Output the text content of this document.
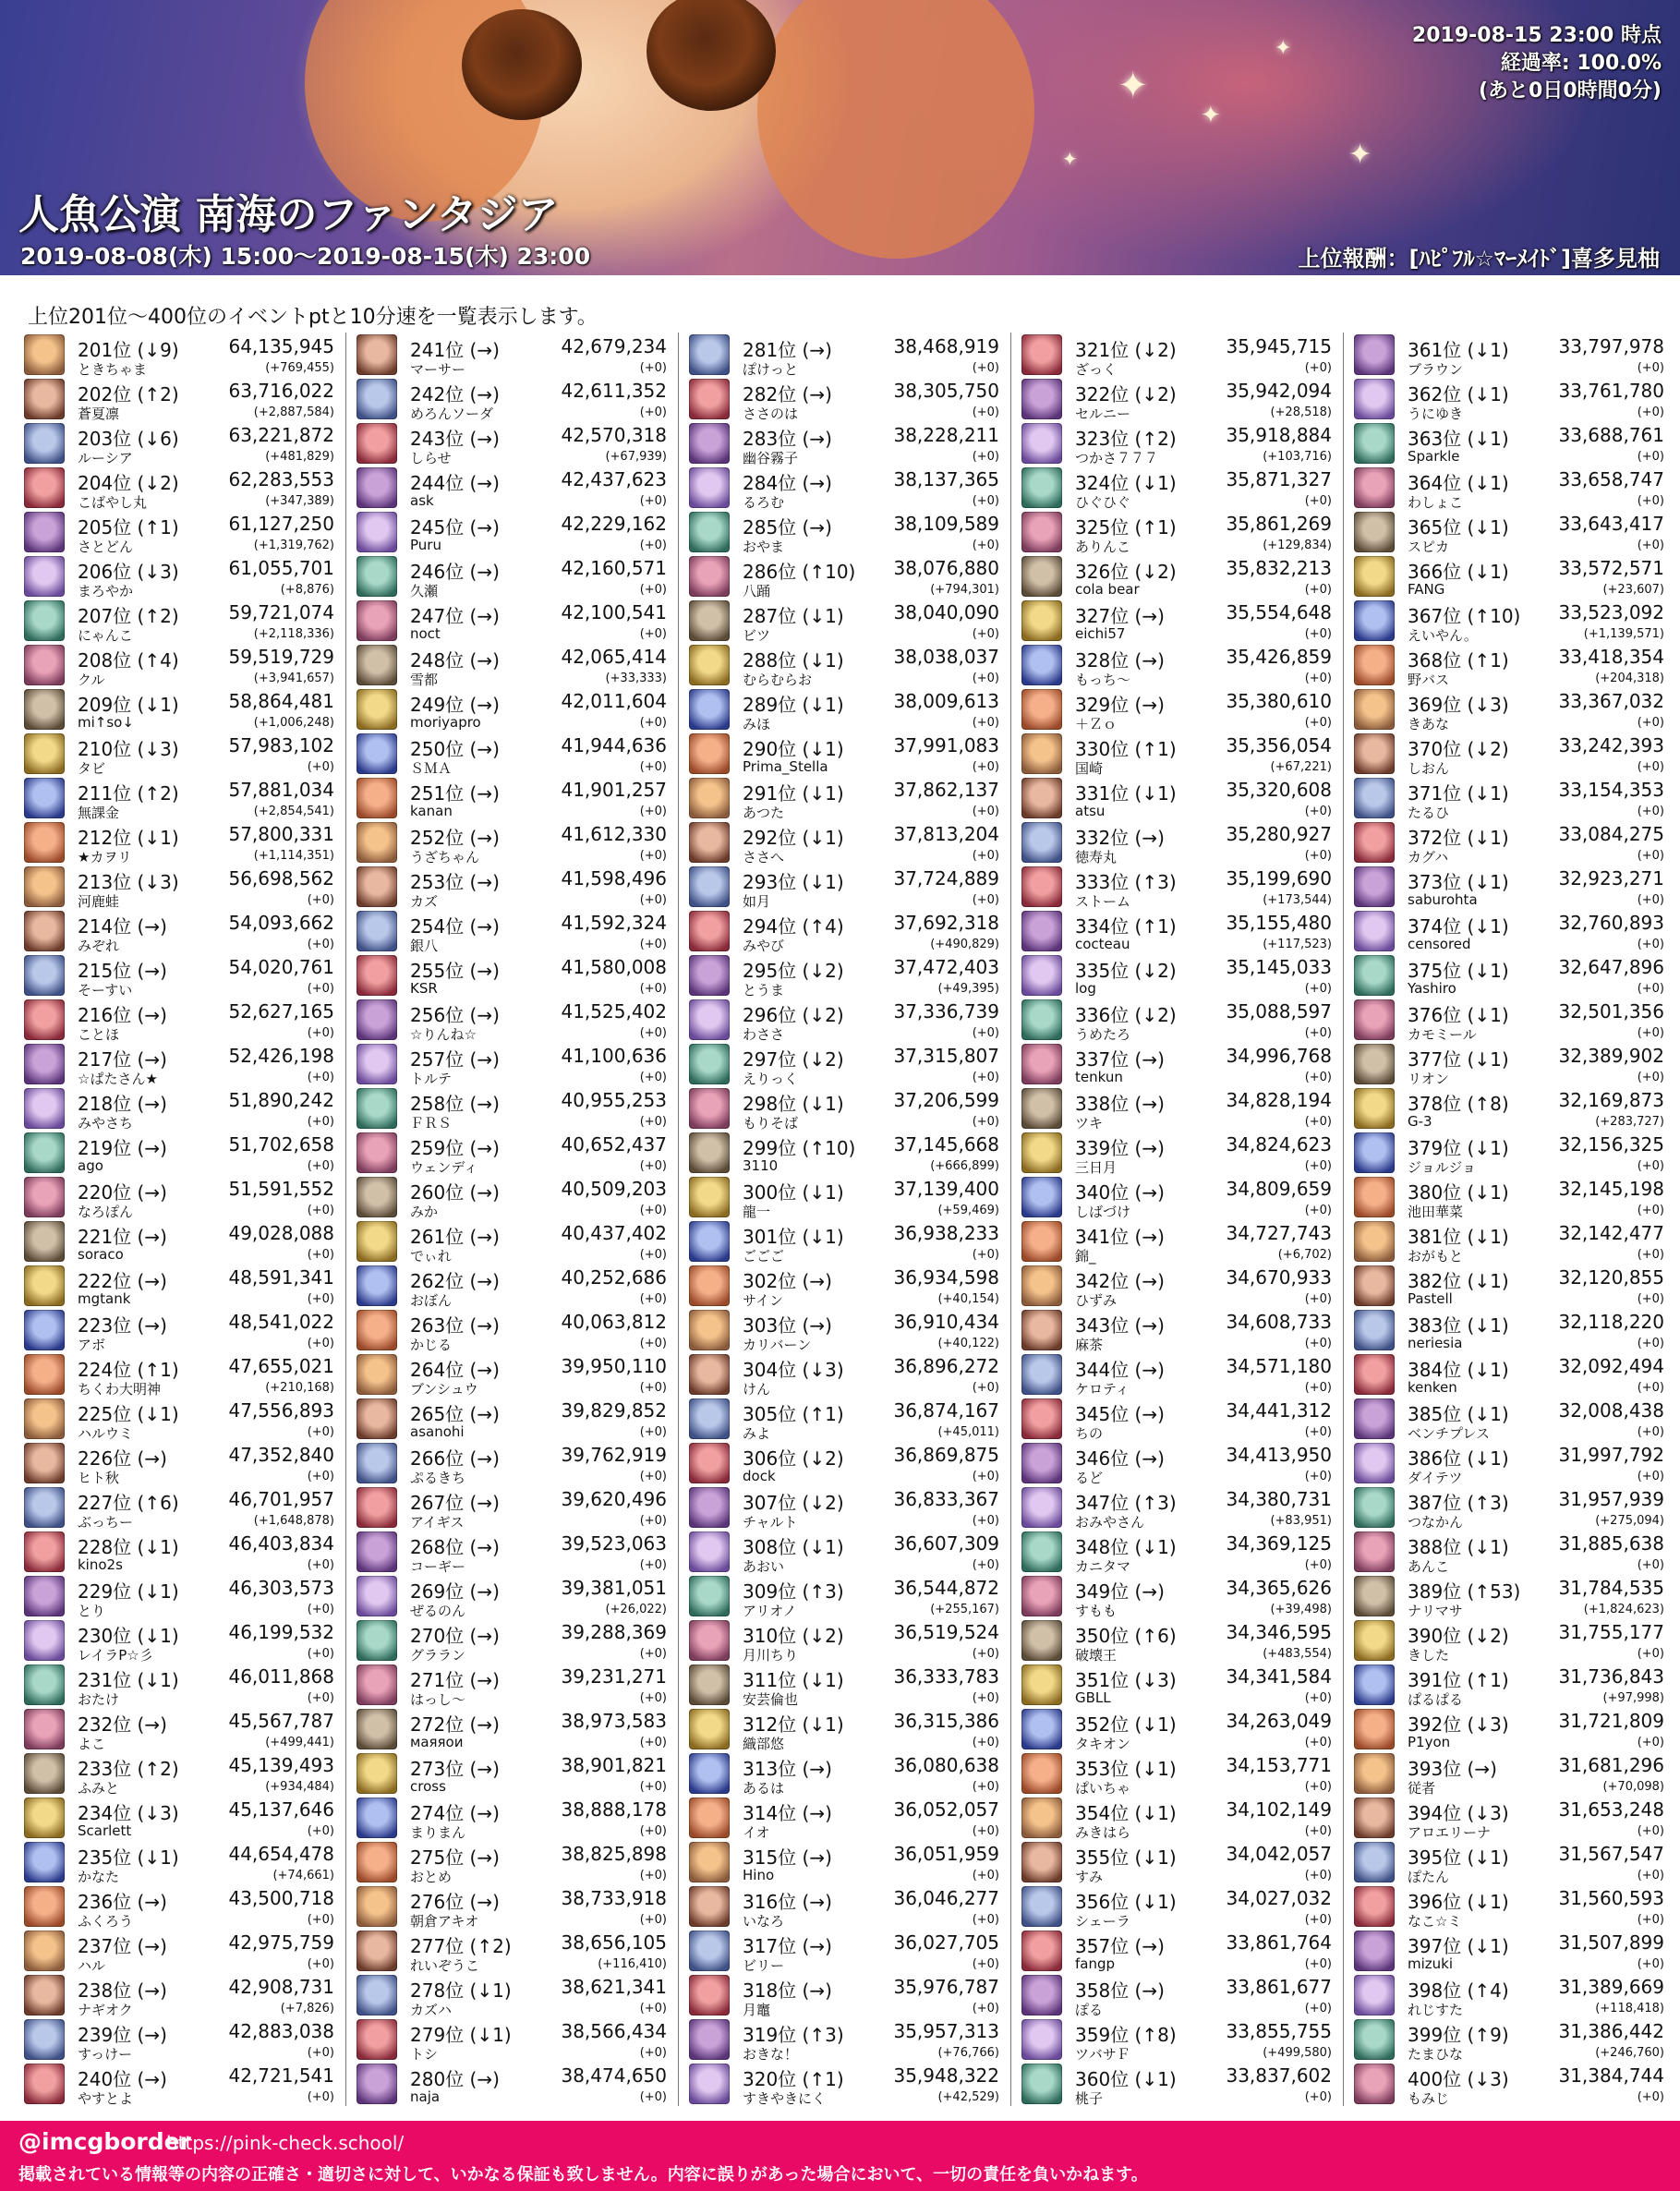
✦
✦
✦
✦
✦
2019-08-15 23:00 時点
経過率: 100.0%
(あと0日0時間0分)
人魚公演 南海のファンタジア
2019-08-08(木) 15:00～2019-08-15(木) 23:00	上位報酬：[ﾊﾋﾟﾌﾙ☆ﾏｰﾒｲﾄﾞ]喜多見柚
上位201位～400位のイベントptと10分速を一覧表示します。
201位 (↓9)	64,135,945
ときちゃま	(+769,455)
202位 (↑2)	63,716,022
蒼夏凛	(+2,887,584)
203位 (↓6)	63,221,872
ルーシア	(+481,829)
204位 (↓2)	62,283,553
こばやし丸	(+347,389)
205位 (↑1)	61,127,250
さとどん	(+1,319,762)
206位 (↓3)	61,055,701
まろやか	(+8,876)
207位 (↑2)	59,721,074
にゃんこ	(+2,118,336)
208位 (↑4)	59,519,729
クル	(+3,941,657)
209位 (↓1)	58,864,481
mi↑so↓	(+1,006,248)
210位 (↓3)	57,983,102
タビ	(+0)
211位 (↑2)	57,881,034
無課金	(+2,854,541)
212位 (↓1)	57,800,331
★カヲリ	(+1,114,351)
213位 (↓3)	56,698,562
河鹿蛙	(+0)
214位 (→)	54,093,662
みぞれ	(+0)
215位 (→)	54,020,761
そーすい	(+0)
216位 (→)	52,627,165
ことほ	(+0)
217位 (→)	52,426,198
☆ぱたさん★	(+0)
218位 (→)	51,890,242
みやさち	(+0)
219位 (→)	51,702,658
ago	(+0)
220位 (→)	51,591,552
なろぽん	(+0)
221位 (→)	49,028,088
soraco	(+0)
222位 (→)	48,591,341
mgtank	(+0)
223位 (→)	48,541,022
アボ	(+0)
224位 (↑1)	47,655,021
ちくわ大明神	(+210,168)
225位 (↓1)	47,556,893
ハルウミ	(+0)
226位 (→)	47,352,840
ヒト秋	(+0)
227位 (↑6)	46,701,957
ぶっちー	(+1,648,878)
228位 (↓1)	46,403,834
kino2s	(+0)
229位 (↓1)	46,303,573
とり	(+0)
230位 (↓1)	46,199,532
レイラP☆彡	(+0)
231位 (↓1)	46,011,868
おたけ	(+0)
232位 (→)	45,567,787
よこ	(+499,441)
233位 (↑2)	45,139,493
ふみと	(+934,484)
234位 (↓3)	45,137,646
Scarlett	(+0)
235位 (↓1)	44,654,478
かなた	(+74,661)
236位 (→)	43,500,718
ふくろう	(+0)
237位 (→)	42,975,759
ハル	(+0)
238位 (→)	42,908,731
ナギオク	(+7,826)
239位 (→)	42,883,038
すっけー	(+0)
240位 (→)	42,721,541
やすとよ	(+0)
241位 (→)	42,679,234
マーサー	(+0)
242位 (→)	42,611,352
めろんソーダ	(+0)
243位 (→)	42,570,318
しらせ	(+67,939)
244位 (→)	42,437,623
ask	(+0)
245位 (→)	42,229,162
Puru	(+0)
246位 (→)	42,160,571
久瀬	(+0)
247位 (→)	42,100,541
noct	(+0)
248位 (→)	42,065,414
雪都	(+33,333)
249位 (→)	42,011,604
moriyapro	(+0)
250位 (→)	41,944,636
ＳＭＡ	(+0)
251位 (→)	41,901,257
kanan	(+0)
252位 (→)	41,612,330
うざちゃん	(+0)
253位 (→)	41,598,496
カズ	(+0)
254位 (→)	41,592,324
銀八	(+0)
255位 (→)	41,580,008
KSR	(+0)
256位 (→)	41,525,402
☆りんね☆	(+0)
257位 (→)	41,100,636
トルテ	(+0)
258位 (→)	40,955,253
ＦＲＳ	(+0)
259位 (→)	40,652,437
ウェンディ	(+0)
260位 (→)	40,509,203
みか	(+0)
261位 (→)	40,437,402
でぃれ	(+0)
262位 (→)	40,252,686
おぼん	(+0)
263位 (→)	40,063,812
かじる	(+0)
264位 (→)	39,950,110
ブンシュウ	(+0)
265位 (→)	39,829,852
asanohi	(+0)
266位 (→)	39,762,919
ぷるきち	(+0)
267位 (→)	39,620,496
アイギス	(+0)
268位 (→)	39,523,063
コーギー	(+0)
269位 (→)	39,381,051
ぜるのん	(+26,022)
270位 (→)	39,288,369
グララン	(+0)
271位 (→)	39,231,271
はっし～	(+0)
272位 (→)	38,973,583
маяяои	(+0)
273位 (→)	38,901,821
cross	(+0)
274位 (→)	38,888,178
まりまん	(+0)
275位 (→)	38,825,898
おとめ	(+0)
276位 (→)	38,733,918
朝倉アキオ	(+0)
277位 (↑2)	38,656,105
れいぞうこ	(+116,410)
278位 (↓1)	38,621,341
カズハ	(+0)
279位 (↓1)	38,566,434
トシ	(+0)
280位 (→)	38,474,650
naja	(+0)
281位 (→)	38,468,919
ぽけっと	(+0)
282位 (→)	38,305,750
ささのは	(+0)
283位 (→)	38,228,211
幽谷霧子	(+0)
284位 (→)	38,137,365
るろむ	(+0)
285位 (→)	38,109,589
おやま	(+0)
286位 (↑10) 38,076,880
八踊	(+794,301)
287位 (↓1)	38,040,090
ビツ	(+0)
288位 (↓1)	38,038,037
むらむらお	(+0)
289位 (↓1)	38,009,613
みほ	(+0)
290位 (↓1)	37,991,083
Prima_Stella	(+0)
291位 (↓1)	37,862,137
あつた	(+0)
292位 (↓1)	37,813,204
ささへ	(+0)
293位 (↓1)	37,724,889
如月	(+0)
294位 (↑4)	37,692,318
みやび	(+490,829)
295位 (↓2)	37,472,403
とうま	(+49,395)
296位 (↓2)	37,336,739
わささ	(+0)
297位 (↓2)	37,315,807
えりっく	(+0)
298位 (↓1)	37,206,599
もりそば	(+0)
299位 (↑10) 37,145,668
3110	(+666,899)
300位 (↓1)	37,139,400
龍一	(+59,469)
301位 (↓1)	36,938,233
ごごご	(+0)
302位 (→)	36,934,598
サイン	(+40,154)
303位 (→)	36,910,434
カリバーン	(+40,122)
304位 (↓3)	36,896,272
けん	(+0)
305位 (↑1)	36,874,167
みよ	(+45,011)
306位 (↓2)	36,869,875
dock	(+0)
307位 (↓2)	36,833,367
チャルト	(+0)
308位 (↓1)	36,607,309
あおい	(+0)
309位 (↑3)	36,544,872
アリオノ	(+255,167)
310位 (↓2)	36,519,524
月川ちり	(+0)
311位 (↓1)	36,333,783
安芸倫也	(+0)
312位 (↓1)	36,315,386
織部悠	(+0)
313位 (→)	36,080,638
あるは	(+0)
314位 (→)	36,052,057
イオ	(+0)
315位 (→)	36,051,959
Hino	(+0)
316位 (→)	36,046,277
いなろ	(+0)
317位 (→)	36,027,705
ビリー	(+0)
318位 (→)	35,976,787
月竈	(+0)
319位 (↑3)	35,957,313
おきな！	(+76,766)
320位 (↑1)	35,948,322
すきやきにく	(+42,529)
321位 (↓2)	35,945,715
ざっく	(+0)
322位 (↓2)	35,942,094
セルニー	(+28,518)
323位 (↑2)	35,918,884
つかさ７７７	(+103,716)
324位 (↓1)	35,871,327
ひぐひぐ	(+0)
325位 (↑1)	35,861,269
ありんこ	(+129,834)
326位 (↓2)	35,832,213
cola bear	(+0)
327位 (→)	35,554,648
eichi57	(+0)
328位 (→)	35,426,859
もっち～	(+0)
329位 (→)	35,380,610
＋Ｚｏ	(+0)
330位 (↑1)	35,356,054
国崎	(+67,221)
331位 (↓1)	35,320,608
atsu	(+0)
332位 (→)	35,280,927
徳寿丸	(+0)
333位 (↑3)	35,199,690
ストーム	(+173,544)
334位 (↑1)	35,155,480
cocteau	(+117,523)
335位 (↓2)	35,145,033
log	(+0)
336位 (↓2)	35,088,597
うめたろ	(+0)
337位 (→)	34,996,768
tenkun	(+0)
338位 (→)	34,828,194
ツキ	(+0)
339位 (→)	34,824,623
三日月	(+0)
340位 (→)	34,809,659
しばづけ	(+0)
341位 (→)	34,727,743
錦_	(+6,702)
342位 (→)	34,670,933
ひずみ	(+0)
343位 (→)	34,608,733
麻茶	(+0)
344位 (→)	34,571,180
ケロティ	(+0)
345位 (→)	34,441,312
ちの	(+0)
346位 (→)	34,413,950
るど	(+0)
347位 (↑3)	34,380,731
おみやさん	(+83,951)
348位 (↓1)	34,369,125
カニタマ	(+0)
349位 (→)	34,365,626
すもも	(+39,498)
350位 (↑6)	34,346,595
破壊王	(+483,554)
351位 (↓3)	34,341,584
GBLL	(+0)
352位 (↓1)	34,263,049
タキオン	(+0)
353位 (↓1)	34,153,771
ぱいちゃ	(+0)
354位 (↓1)	34,102,149
みきはら	(+0)
355位 (↓1)	34,042,057
すみ	(+0)
356位 (↓1)	34,027,032
シェーラ	(+0)
357位 (→)	33,861,764
fangp	(+0)
358位 (→)	33,861,677
ぽる	(+0)
359位 (↑8)	33,855,755
ツバサＦ	(+499,580)
360位 (↓1)	33,837,602
桃子	(+0)
361位 (↓1)	33,797,978
ブラウン	(+0)
362位 (↓1)	33,761,780
うにゆき	(+0)
363位 (↓1)	33,688,761
Sparkle	(+0)
364位 (↓1)	33,658,747
わしょこ	(+0)
365位 (↓1)	33,643,417
スピカ	(+0)
366位 (↓1)	33,572,571
FANG	(+23,607)
367位 (↑10) 33,523,092
えいやん。	(+1,139,571)
368位 (↑1)	33,418,354
野バス	(+204,318)
369位 (↓3)	33,367,032
きあな	(+0)
370位 (↓2)	33,242,393
しおん	(+0)
371位 (↓1)	33,154,353
たるひ	(+0)
372位 (↓1)	33,084,275
カグハ	(+0)
373位 (↓1)	32,923,271
saburohta	(+0)
374位 (↓1)	32,760,893
censored	(+0)
375位 (↓1)	32,647,896
Yashiro	(+0)
376位 (↓1)	32,501,356
カモミール	(+0)
377位 (↓1)	32,389,902
リオン	(+0)
378位 (↑8)	32,169,873
G-3	(+283,727)
379位 (↓1)	32,156,325
ジョルジョ	(+0)
380位 (↓1)	32,145,198
池田華菜	(+0)
381位 (↓1)	32,142,477
おがもと	(+0)
382位 (↓1)	32,120,855
Pastell	(+0)
383位 (↓1)	32,118,220
neriesia	(+0)
384位 (↓1)	32,092,494
kenken	(+0)
385位 (↓1)	32,008,438
ベンチプレス	(+0)
386位 (↓1)	31,997,792
ダイテツ	(+0)
387位 (↑3)	31,957,939
つなかん	(+275,094)
388位 (↓1)	31,885,638
あんこ	(+0)
389位 (↑53) 31,784,535
ナリマサ	(+1,824,623)
390位 (↓2)	31,755,177
きした	(+0)
391位 (↑1)	31,736,843
ぱるぱる	(+97,998)
392位 (↓3)	31,721,809
P1yon	(+0)
393位 (→)	31,681,296
従者	(+70,098)
394位 (↓3)	31,653,248
アロエリーナ	(+0)
395位 (↓1)	31,567,547
ぽたん	(+0)
396位 (↓1)	31,560,593
なこ☆ミ	(+0)
397位 (↓1)	31,507,899
mizuki	(+0)
398位 (↑4)	31,389,669
れじすた	(+118,418)
399位 (↑9)	31,386,442
たまひな	(+246,760)
400位 (↓3)	31,384,744
もみじ	(+0)
@imcgborder
https://pink-check.school/
掲載されている情報等の内容の正確さ・適切さに対して、いかなる保証も致しません。内容に誤りがあった場合において、一切の責任を負いかねます。
